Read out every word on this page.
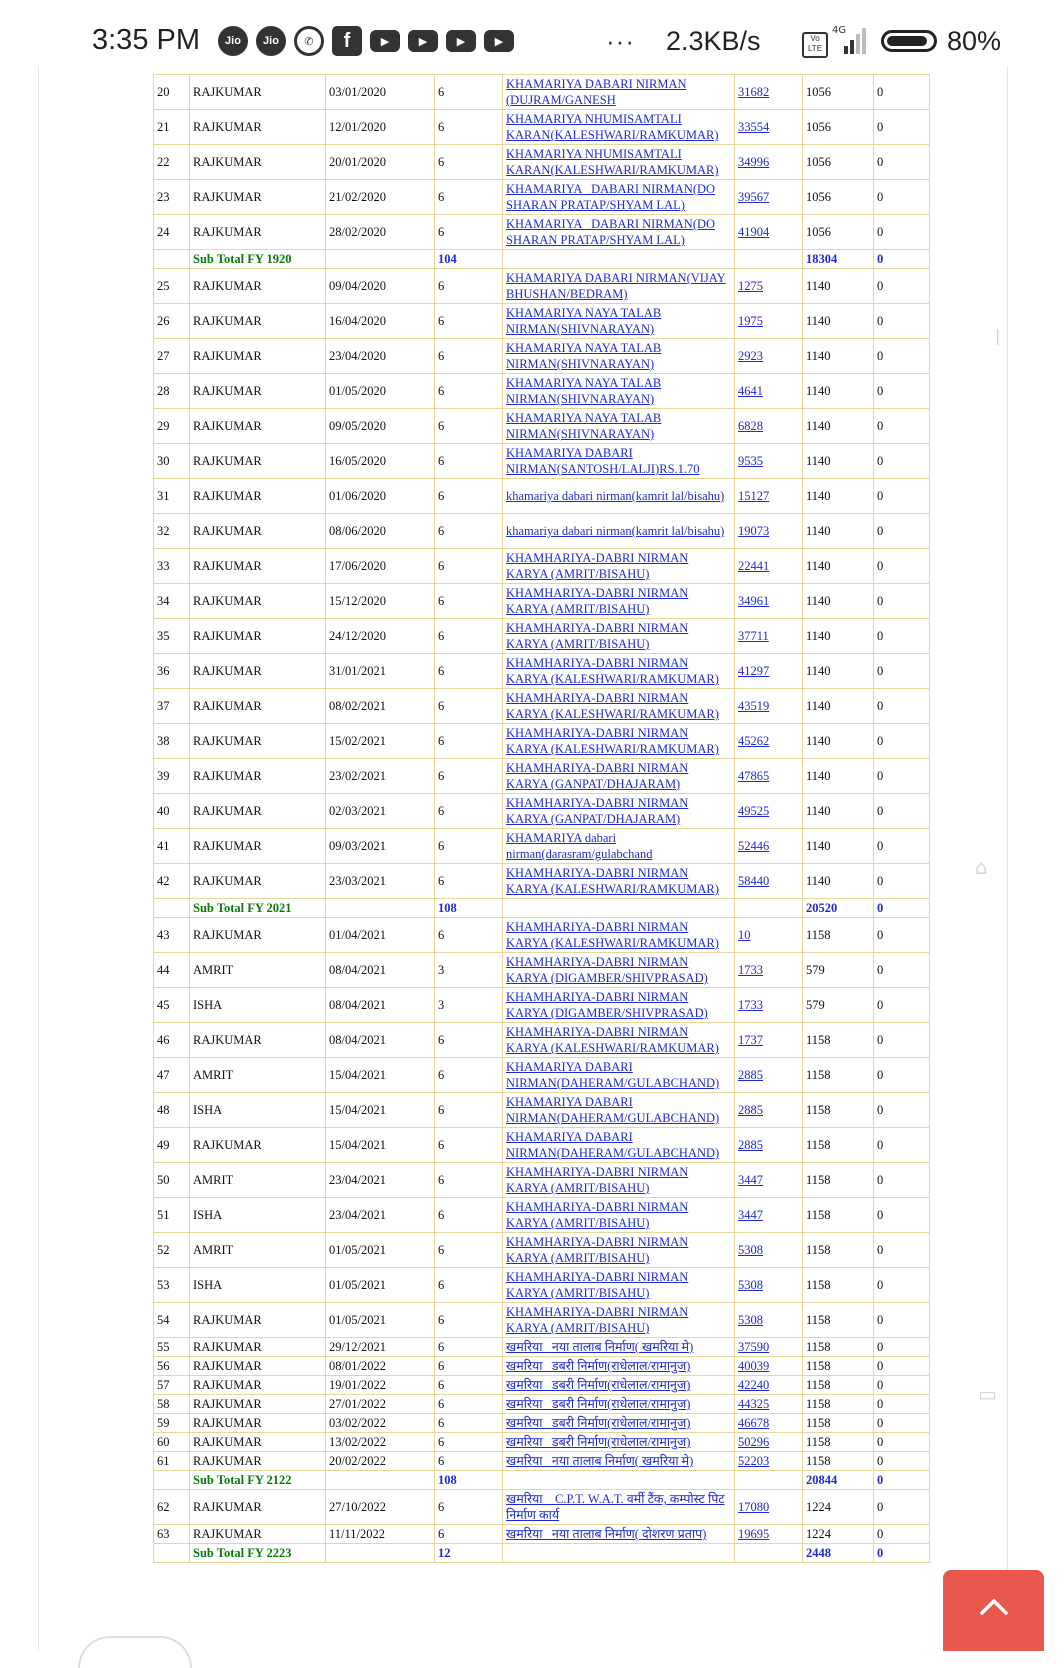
3:35 PM	Jio	Jio	✆	f	▶	▶	▶	▶	··· 2.3KB/s	Vo LTE
4G	80%
20	RAJKUMAR	03/01/2020	6	KHAMARIYA DABARI NIRMAN (DUJRAM/GANESH	31682	1056	0
21	RAJKUMAR	12/01/2020	6	KHAMARIYA NHUMISAMTALI KARAN(KALESHWARI/RAMKUMAR)	33554	1056	0
22	RAJKUMAR	20/01/2020	6	KHAMARIYA NHUMISAMTALI KARAN(KALESHWARI/RAMKUMAR)	34996	1056	0
23	RAJKUMAR	21/02/2020	6	KHAMARIYA _DABARI NIRMAN(DO SHARAN PRATAP/SHYAM LAL)	39567	1056	0
24	RAJKUMAR	28/02/2020	6	KHAMARIYA _DABARI NIRMAN(DO SHARAN PRATAP/SHYAM LAL)	41904	1056	0
	Sub Total FY 1920		104			18304	0
25	RAJKUMAR	09/04/2020	6	KHAMARIYA DABARI NIRMAN(VIJAY BHUSHAN/BEDRAM)	1275	1140	0
26	RAJKUMAR	16/04/2020	6	KHAMARIYA NAYA TALAB NIRMAN(SHIVNARAYAN)	1975	1140	0
27	RAJKUMAR	23/04/2020	6	KHAMARIYA NAYA TALAB NIRMAN(SHIVNARAYAN)	2923	1140	0
28	RAJKUMAR	01/05/2020	6	KHAMARIYA NAYA TALAB NIRMAN(SHIVNARAYAN)	4641	1140	0
29	RAJKUMAR	09/05/2020	6	KHAMARIYA NAYA TALAB NIRMAN(SHIVNARAYAN)	6828	1140	0
30	RAJKUMAR	16/05/2020	6	KHAMARIYA DABARI NIRMAN(SANTOSH/LALJI)RS.1.70	9535	1140	0
31	RAJKUMAR	01/06/2020	6	khamariya dabari nirman(kamrit lal/bisahu)	15127	1140	0
32	RAJKUMAR	08/06/2020	6	khamariya dabari nirman(kamrit lal/bisahu)	19073	1140	0
33	RAJKUMAR	17/06/2020	6	KHAMHARIYA-DABRI NIRMAN KARYA (AMRIT/BISAHU)	22441	1140	0
34	RAJKUMAR	15/12/2020	6	KHAMHARIYA-DABRI NIRMAN KARYA (AMRIT/BISAHU)	34961	1140	0
35	RAJKUMAR	24/12/2020	6	KHAMHARIYA-DABRI NIRMAN KARYA (AMRIT/BISAHU)	37711	1140	0
36	RAJKUMAR	31/01/2021	6	KHAMHARIYA-DABRI NIRMAN KARYA (KALESHWARI/RAMKUMAR)	41297	1140	0
37	RAJKUMAR	08/02/2021	6	KHAMHARIYA-DABRI NIRMAN KARYA (KALESHWARI/RAMKUMAR)	43519	1140	0
38	RAJKUMAR	15/02/2021	6	KHAMHARIYA-DABRI NIRMAN KARYA (KALESHWARI/RAMKUMAR)	45262	1140	0
39	RAJKUMAR	23/02/2021	6	KHAMHARIYA-DABRI NIRMAN KARYA (GANPAT/DHAJARAM)	47865	1140	0
40	RAJKUMAR	02/03/2021	6	KHAMHARIYA-DABRI NIRMAN KARYA (GANPAT/DHAJARAM)	49525	1140	0
41	RAJKUMAR	09/03/2021	6	KHAMARIYA dabari nirman(darasram/gulabchand	52446	1140	0
42	RAJKUMAR	23/03/2021	6	KHAMHARIYA-DABRI NIRMAN KARYA (KALESHWARI/RAMKUMAR)	58440	1140	0
	Sub Total FY 2021		108			20520	0
43	RAJKUMAR	01/04/2021	6	KHAMHARIYA-DABRI NIRMAN KARYA (KALESHWARI/RAMKUMAR)	10	1158	0
44	AMRIT	08/04/2021	3	KHAMHARIYA-DABRI NIRMAN KARYA (DIGAMBER/SHIVPRASAD)	1733	579	0
45	ISHA	08/04/2021	3	KHAMHARIYA-DABRI NIRMAN KARYA (DIGAMBER/SHIVPRASAD)	1733	579	0
46	RAJKUMAR	08/04/2021	6	KHAMHARIYA-DABRI NIRMAN KARYA (KALESHWARI/RAMKUMAR)	1737	1158	0
47	AMRIT	15/04/2021	6	KHAMARIYA DABARI NIRMAN(DAHERAM/GULABCHAND)	2885	1158	0
48	ISHA	15/04/2021	6	KHAMARIYA DABARI NIRMAN(DAHERAM/GULABCHAND)	2885	1158	0
49	RAJKUMAR	15/04/2021	6	KHAMARIYA DABARI NIRMAN(DAHERAM/GULABCHAND)	2885	1158	0
50	AMRIT	23/04/2021	6	KHAMHARIYA-DABRI NIRMAN KARYA (AMRIT/BISAHU)	3447	1158	0
51	ISHA	23/04/2021	6	KHAMHARIYA-DABRI NIRMAN KARYA (AMRIT/BISAHU)	3447	1158	0
52	AMRIT	01/05/2021	6	KHAMHARIYA-DABRI NIRMAN KARYA (AMRIT/BISAHU)	5308	1158	0
53	ISHA	01/05/2021	6	KHAMHARIYA-DABRI NIRMAN KARYA (AMRIT/BISAHU)	5308	1158	0
54	RAJKUMAR	01/05/2021	6	KHAMHARIYA-DABRI NIRMAN KARYA (AMRIT/BISAHU)	5308	1158	0
55	RAJKUMAR	29/12/2021	6	खमरिया_ नया तालाब निर्माण( खमरिया मे)	37590	1158	0
56	RAJKUMAR	08/01/2022	6	खमरिया_ डबरी निर्माण(राधेलाल/रामानुज)	40039	1158	0
57	RAJKUMAR	19/01/2022	6	खमरिया_ डबरी निर्माण(राधेलाल/रामानुज)	42240	1158	0
58	RAJKUMAR	27/01/2022	6	खमरिया_ डबरी निर्माण(राधेलाल/रामानुज)	44325	1158	0
59	RAJKUMAR	03/02/2022	6	खमरिया_ डबरी निर्माण(राधेलाल/रामानुज)	46678	1158	0
60	RAJKUMAR	13/02/2022	6	खमरिया_ डबरी निर्माण(राधेलाल/रामानुज)	50296	1158	0
61	RAJKUMAR	20/02/2022	6	खमरिया_ नया तालाब निर्माण( खमरिया मे)	52203	1158	0
	Sub Total FY 2122		108			20844	0
62	RAJKUMAR	27/10/2022	6	खमरिया _ C.P.T. W.A.T. वर्मी टैंक, कम्पोस्ट पिट निर्माण कार्य	17080	1224	0
63	RAJKUMAR	11/11/2022	6	खमरिया_ नया तालाब निर्माण( दोशरण प्रताप)	19695	1224	0
	Sub Total FY 2223		12			2448	0
|
⌂
▭
